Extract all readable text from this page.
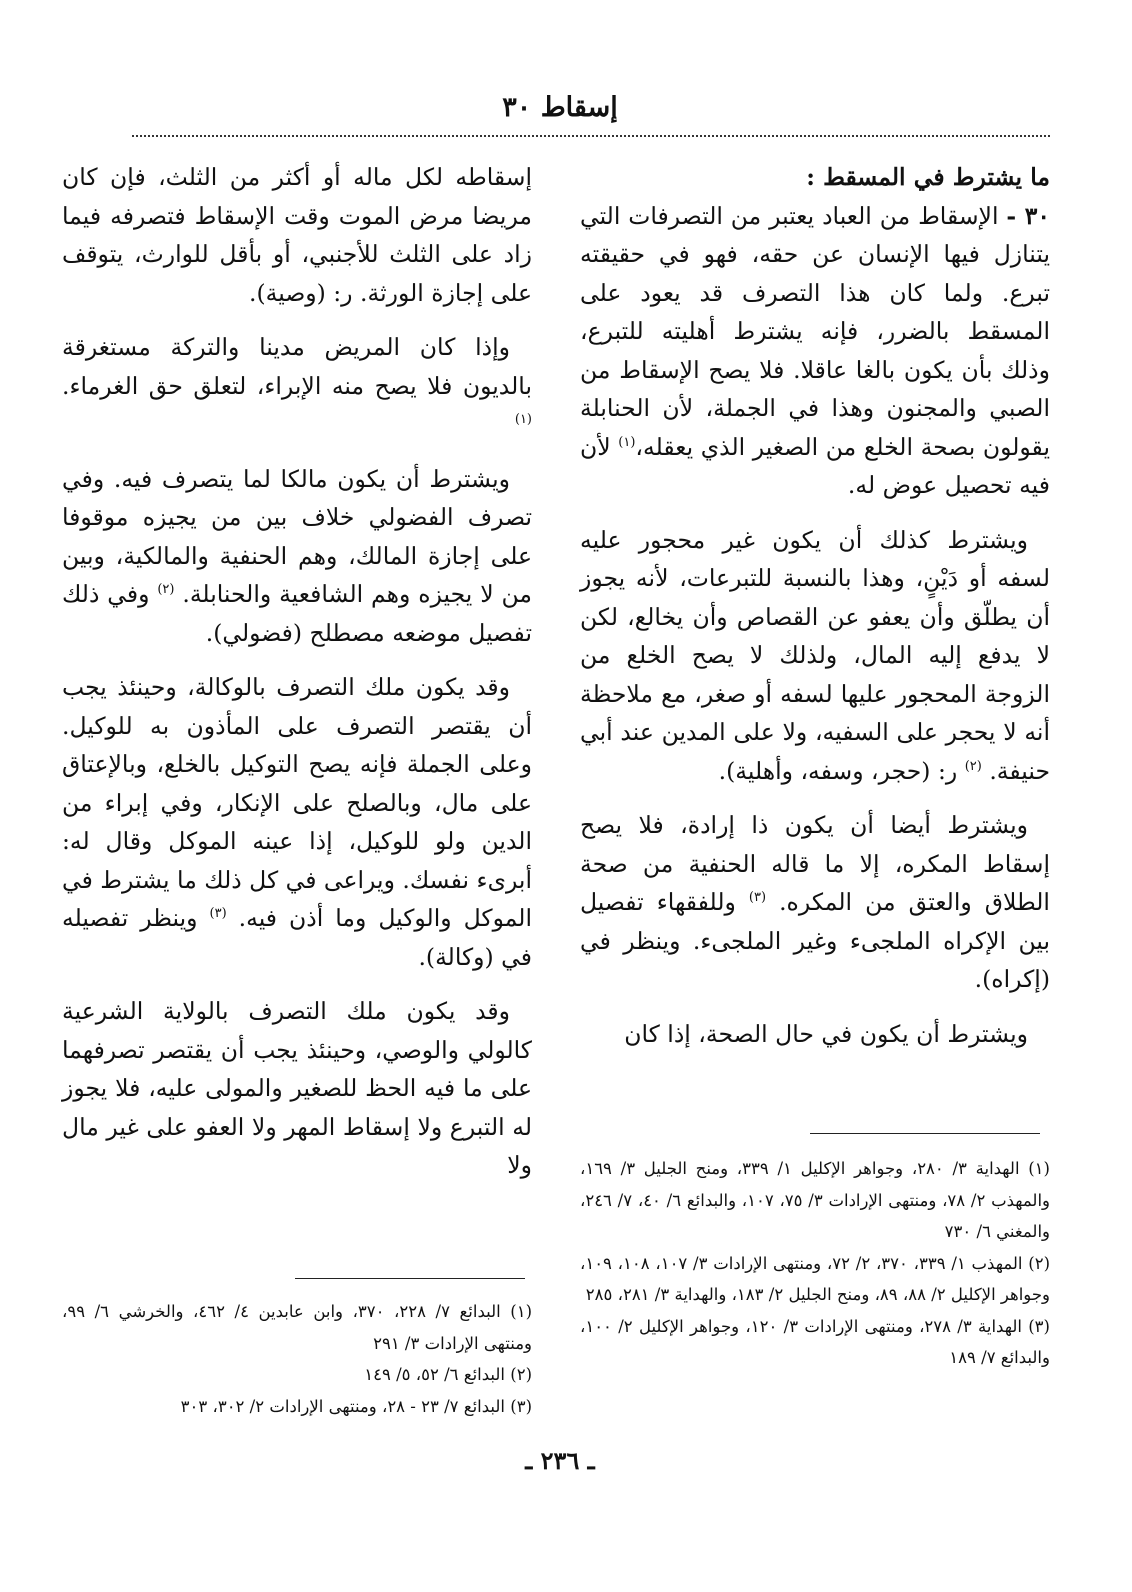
إسقاط ٣٠
ما يشترط في المسقط :

٣٠ - الإسقاط من العباد يعتبر من التصرفات التي يتنازل فيها الإنسان عن حقه، فهو في حقيقته تبرع. ولما كان هذا التصرف قد يعود على المسقط بالضرر، فإنه يشترط أهليته للتبرع، وذلك بأن يكون بالغا عاقلا. فلا يصح الإسقاط من الصبي والمجنون وهذا في الجملة، لأن الحنابلة يقولون بصحة الخلع من الصغير الذي يعقله،$^{(١)}$ لأن فيه تحصيل عوض له.

ويشترط كذلك أن يكون غير محجور عليه لسفه أو دَيْنٍ، وهذا بالنسبة للتبرعات، لأنه يجوز أن يطلّق وأن يعفو عن القصاص وأن يخالع، لكن لا يدفع إليه المال، ولذلك لا يصح الخلع من الزوجة المحجور عليها لسفه أو صغر، مع ملاحظة أنه لا يحجر على السفيه، ولا على المدين عند أبي حنيفة. $^{(٢)}$ ر: (حجر، وسفه، وأهلية).

ويشترط أيضا أن يكون ذا إرادة، فلا يصح إسقاط المكره، إلا ما قاله الحنفية من صحة الطلاق والعتق من المكره. $^{(٣)}$ وللفقهاء تفصيل بين الإكراه الملجىء وغير الملجىء. وينظر في (إكراه).

ويشترط أن يكون في حال الصحة، إذا كان

إسقاطه لكل ماله أو أكثر من الثلث، فإن كان مريضا مرض الموت وقت الإسقاط فتصرفه فيما زاد على الثلث للأجنبي، أو بأقل للوارث، يتوقف على إجازة الورثة. ر: (وصية).

وإذا كان المريض مدينا والتركة مستغرقة بالديون فلا يصح منه الإبراء، لتعلق حق الغرماء. $^{(١)}$

ويشترط أن يكون مالكا لما يتصرف فيه. وفي تصرف الفضولي خلاف بين من يجيزه موقوفا على إجازة المالك، وهم الحنفية والمالكية، وبين من لا يجيزه وهم الشافعية والحنابلة. $^{(٢)}$ وفي ذلك تفصيل موضعه مصطلح (فضولي).

وقد يكون ملك التصرف بالوكالة، وحينئذ يجب أن يقتصر التصرف على المأذون به للوكيل. وعلى الجملة فإنه يصح التوكيل بالخلع، وبالإعتاق على مال، وبالصلح على الإنكار، وفي إبراء من الدين ولو للوكيل، إذا عينه الموكل وقال له: أبرىء نفسك. ويراعى في كل ذلك ما يشترط في الموكل والوكيل وما أذن فيه. $^{(٣)}$ وينظر تفصيله في (وكالة).

وقد يكون ملك التصرف بالولاية الشرعية كالولي والوصي، وحينئذ يجب أن يقتصر تصرفهما على ما فيه الحظ للصغير والمولى عليه، فلا يجوز له التبرع ولا إسقاط المهر ولا العفو على غير مال ولا	(١) الهداية ٣/ ٢٨٠، وجواهر الإكليل ١/ ٣٣٩، ومنح الجليل ٣/ ١٦٩، والمهذب ٢/ ٧٨، ومنتهى الإرادات ٣/ ٧٥، ١٠٧، والبدائع ٦/ ٤٠، ٧/ ٢٤٦، والمغني ٦/ ٧٣٠
(٢) المهذب ١/ ٣٣٩، ٣٧٠، ٢/ ٧٢، ومنتهى الإرادات ٣/ ١٠٧، ١٠٨، ١٠٩، وجواهر الإكليل ٢/ ٨٨، ٨٩، ومنح الجليل ٢/ ١٨٣، والهداية ٣/ ٢٨١، ٢٨٥
(٣) الهداية ٣/ ٢٧٨، ومنتهى الإرادات ٣/ ١٢٠، وجواهر الإكليل ٢/ ١٠٠، والبدائع ٧/ ١٨٩
(١) البدائع ٧/ ٢٢٨، ٣٧٠، وابن عابدين ٤/ ٤٦٢، والخرشي ٦/ ٩٩، ومنتهى الإرادات ٣/ ٢٩١
(٢) البدائع ٦/ ٥٢، ٥/ ١٤٩
(٣) البدائع ٧/ ٢٣ - ٢٨، ومنتهى الإرادات ٢/ ٣٠٢، ٣٠٣
ـ ٢٣٦ ـ
